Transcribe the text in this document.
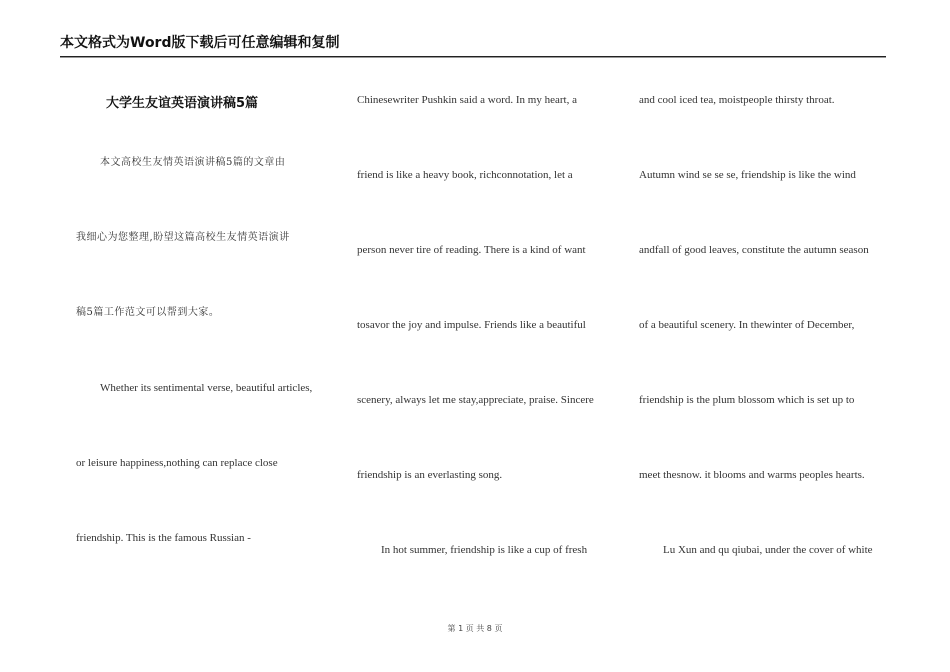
本文格式为Word版下载后可任意编辑和复制
大学生友谊英语演讲稿5篇
本文高校生友情英语演讲稿5篇的文章由
我细心为您整理,盼望这篇高校生友情英语演讲
稿5篇工作范文可以帮到大家。
Whether its sentimental verse, beautiful articles,
or leisure happiness,nothing can replace close
friendship. This is the famous Russian -
Chinesewriter Pushkin said a word. In my heart, a
friend is like a heavy book, richconnotation, let a
person never tire of reading. There is a kind of want
tosavor the joy and impulse. Friends like a beautiful
scenery, always let me stay,appreciate, praise. Sincere
friendship is an everlasting song.
In hot summer, friendship is like a cup of fresh
and cool iced tea, moistpeople thirsty throat.
Autumn wind se se se, friendship is like the wind
andfall of good leaves, constitute the autumn season
of a beautiful scenery. In thewinter of December,
friendship is the plum blossom which is set up to
meet thesnow. it blooms and warms peoples hearts.
Lu Xun and qu qiubai, under the cover of white
第 1 页 共 8 页
